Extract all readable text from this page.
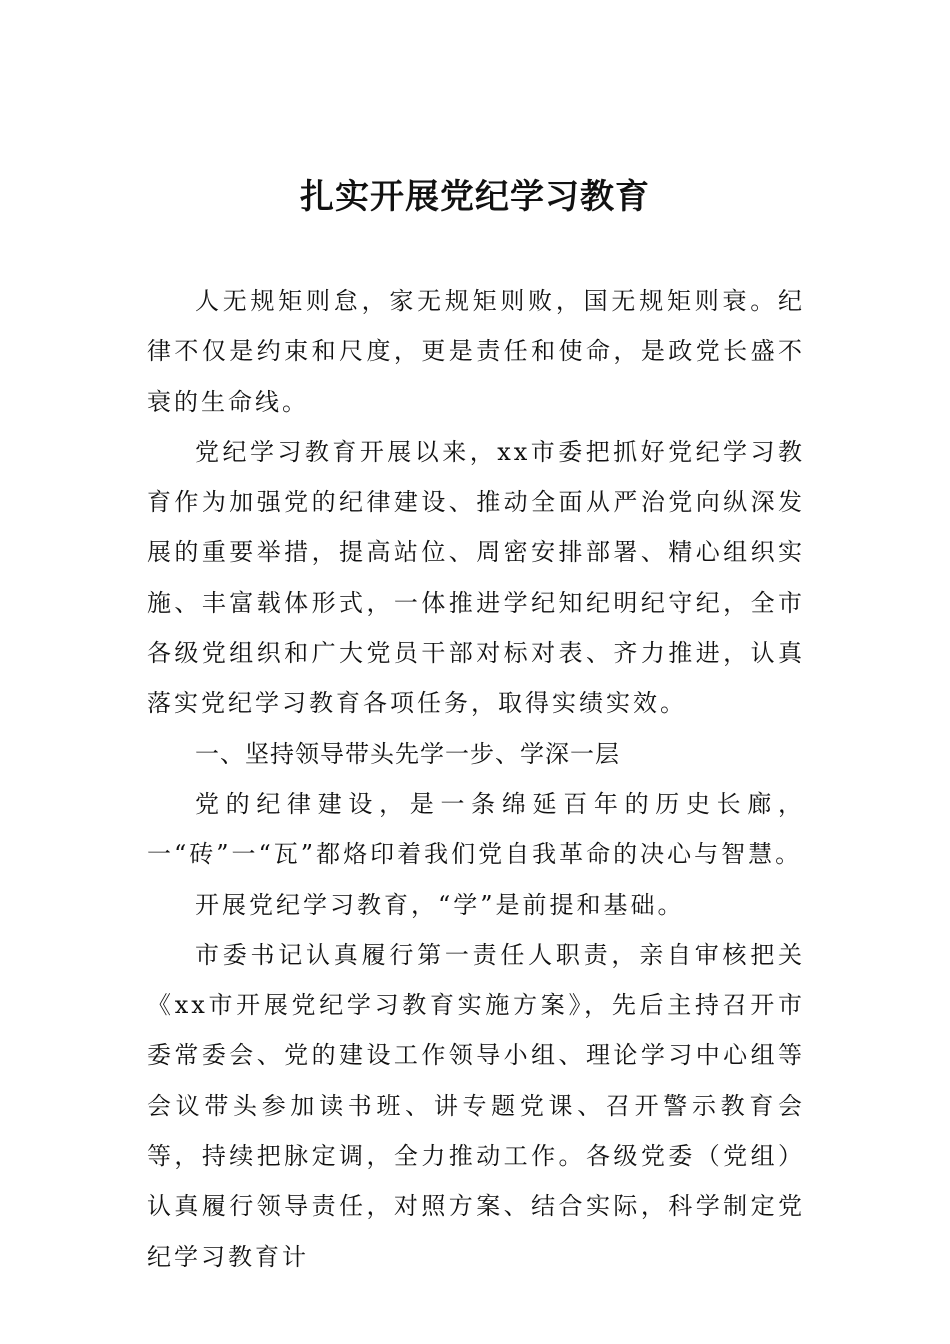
扎实开展党纪学习教育

人无规矩则怠，家无规矩则败，国无规矩则衰。纪律不仅是约束和尺度，更是责任和使命，是政党长盛不衰的生命线。

党纪学习教育开展以来，xx市委把抓好党纪学习教育作为加强党的纪律建设、推动全面从严治党向纵深发展的重要举措，提高站位、周密安排部署、精心组织实施、丰富载体形式，一体推进学纪知纪明纪守纪，全市各级党组织和广大党员干部对标对表、齐力推进，认真落实党纪学习教育各项任务，取得实绩实效。

一、坚持领导带头先学一步、学深一层

党的纪律建设，是一条绵延百年的历史长廊，一“砖”一“瓦”都烙印着我们党自我革命的决心与智慧。

开展党纪学习教育，“学”是前提和基础。

市委书记认真履行第一责任人职责，亲自审核把关《xx市开展党纪学习教育实施方案》，先后主持召开市委常委会、党的建设工作领导小组、理论学习中心组等会议带头参加读书班、讲专题党课、召开警示教育会等，持续把脉定调，全力推动工作。各级党委（党组）认真履行领导责任，对照方案、结合实际，科学制定党纪学习教育计
